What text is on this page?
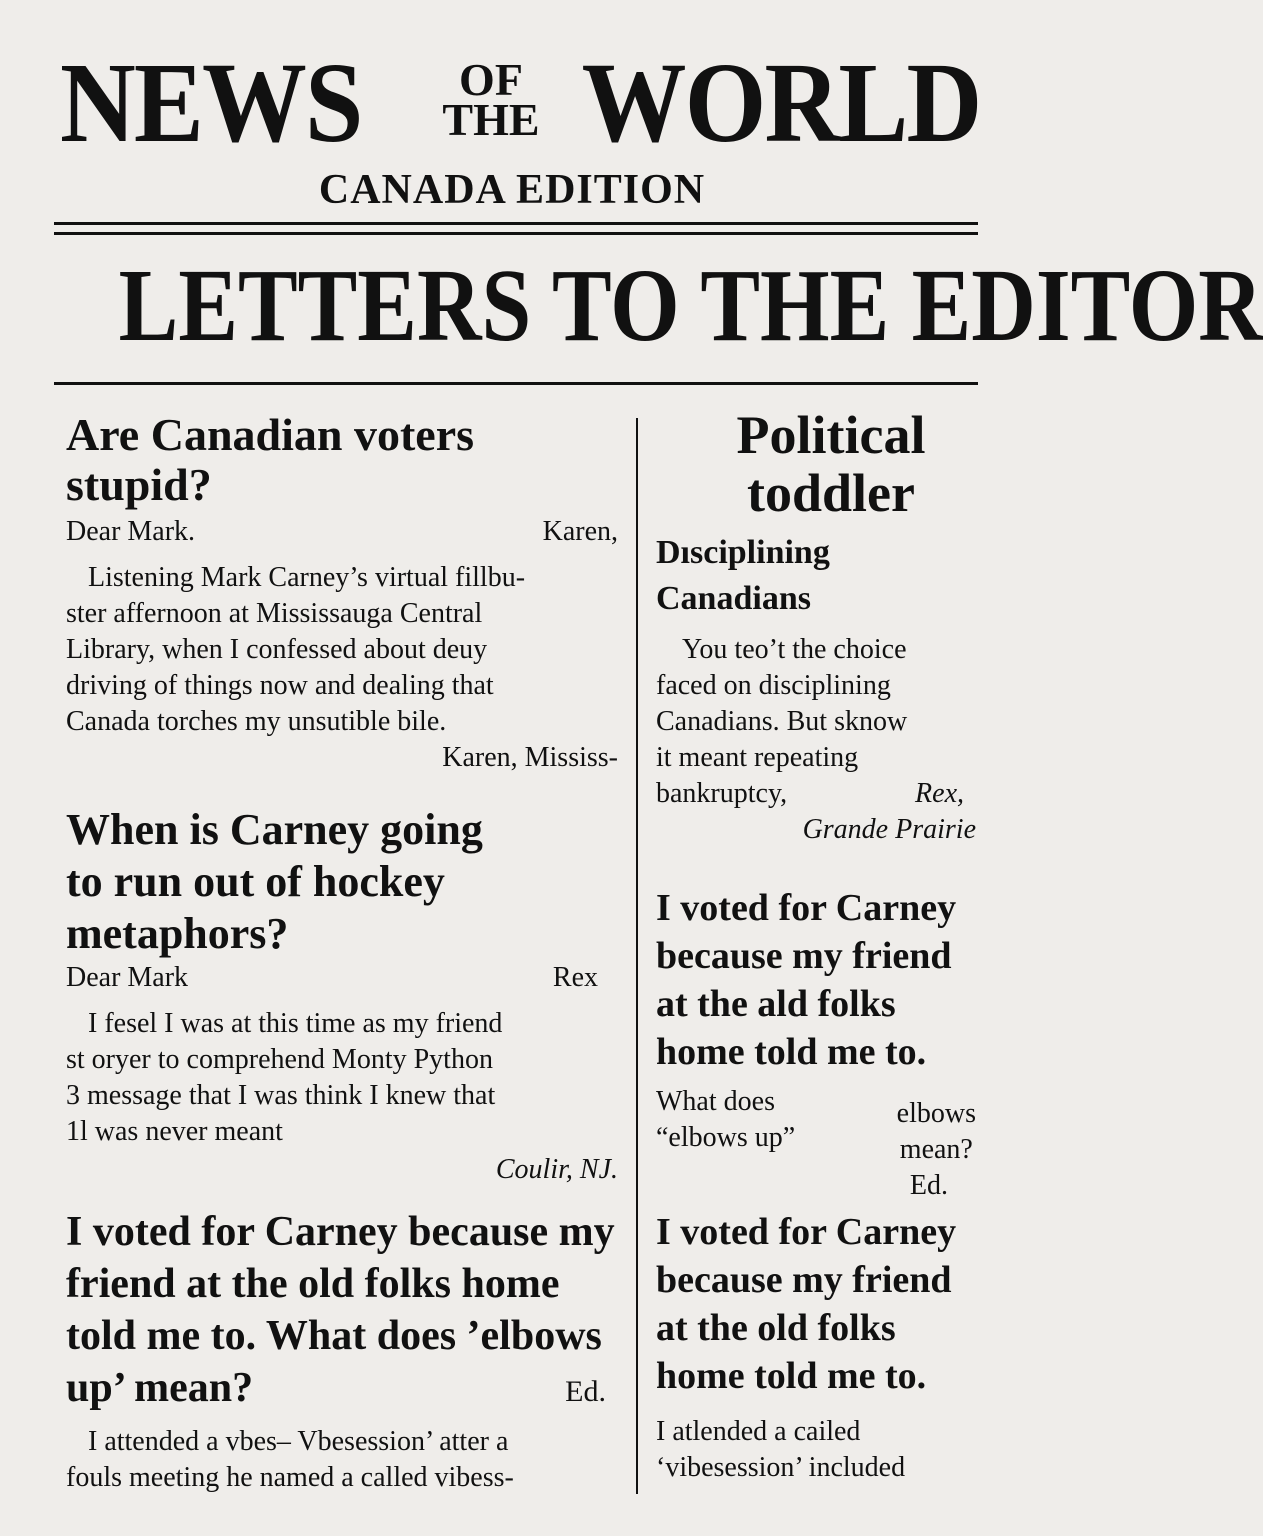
NEWS	OF
THE WORLD
CANADA EDITION
LETTERS TO THE EDITOR
Are Canadian voters
stupid?
Dear Mark.	Karen,
Listening Mark Carney’s virtual fillbu-
ster affernoon at Mississauga Central
Library, when I confessed about deuy
driving of things now and dealing that
Canada torches my unsutible bile.
Karen, Mississ-
When is Carney going
to run out of hockey
metaphors?
Dear Mark	Rex
I fesel I was at this time as my friend
st oryer to comprehend Monty Python
3 message that I was think I knew that
1l was never meant
Coulir, NJ.
I voted for Carney because my
friend at the old folks home
told me to. What does ’elbows
up’ mean?	Ed.
I attended a vbes– Vbesession’ atter a
fouls meeting he named a called vibess-
Political
toddler
Dısciplining
Canadians
You teo’t the choice
faced on disciplining
Canadians. But sknow
it meant repeating
bankruptcy,	Rex,
Grande Prairie
I voted for Carney
because my friend
at the ald folks
home told me to.
What does
“elbows up”
elbows
mean?
Ed.
I voted for Carney
because my friend
at the old folks
home told me to.
I atlended a cailed
‘vibesession’ included
